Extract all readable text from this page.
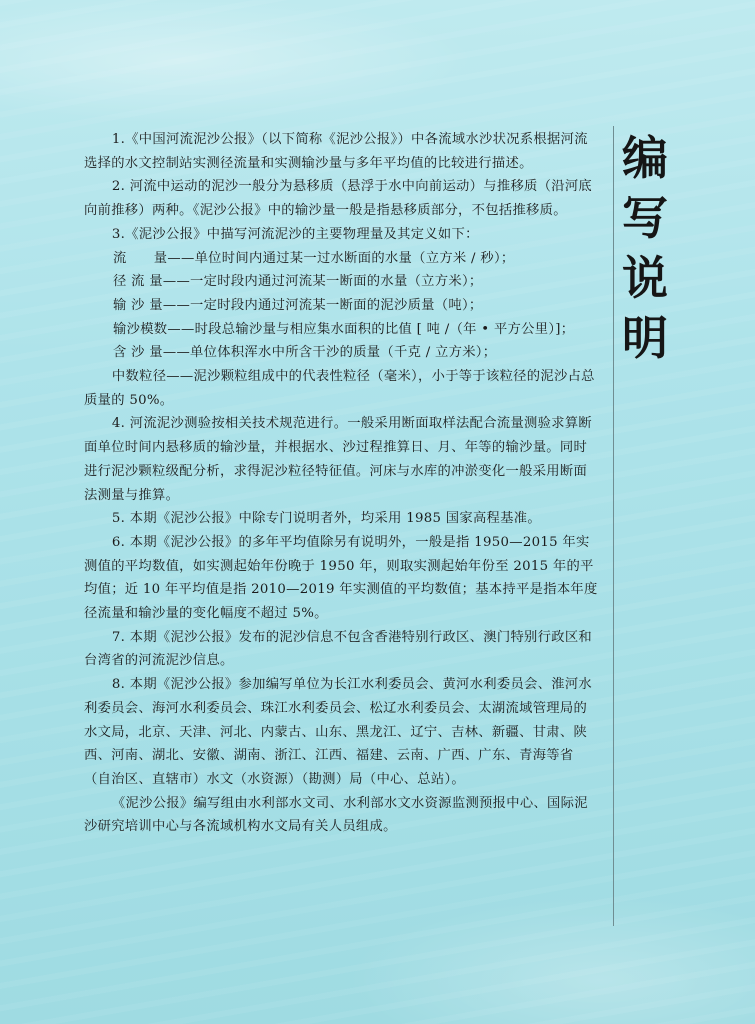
1.《中国河流泥沙公报》（以下简称《泥沙公报》）中各流域水沙状况系根据河流选择的水文控制站实测径流量和实测输沙量与多年平均值的比较进行描述。

2. 河流中运动的泥沙一般分为悬移质（悬浮于水中向前运动）与推移质（沿河底向前推移）两种。《泥沙公报》中的输沙量一般是指悬移质部分，不包括推移质。

3.《泥沙公报》中描写河流泥沙的主要物理量及其定义如下：

流　　量——单位时间内通过某一过水断面的水量（立方米 / 秒）；
径 流 量——一定时段内通过河流某一断面的水量（立方米）；
输 沙 量——一定时段内通过河流某一断面的泥沙质量（吨）；
输沙模数——时段总输沙量与相应集水面积的比值 [ 吨 /（年 • 平方公里）]；
含 沙 量——单位体积浑水中所含干沙的质量（千克 / 立方米）；

中数粒径——泥沙颗粒组成中的代表性粒径（毫米），小于等于该粒径的泥沙占总质量的 50%。

4. 河流泥沙测验按相关技术规范进行。一般采用断面取样法配合流量测验求算断面单位时间内悬移质的输沙量，并根据水、沙过程推算日、月、年等的输沙量。同时进行泥沙颗粒级配分析，求得泥沙粒径特征值。河床与水库的冲淤变化一般采用断面法测量与推算。

5. 本期《泥沙公报》中除专门说明者外，均采用 1985 国家高程基准。

6. 本期《泥沙公报》的多年平均值除另有说明外，一般是指 1950—2015 年实测值的平均数值，如实测起始年份晚于 1950 年，则取实测起始年份至 2015 年的平均值；近 10 年平均值是指 2010—2019 年实测值的平均数值；基本持平是指本年度径流量和输沙量的变化幅度不超过 5%。

7. 本期《泥沙公报》发布的泥沙信息不包含香港特别行政区、澳门特别行政区和台湾省的河流泥沙信息。

8. 本期《泥沙公报》参加编写单位为长江水利委员会、黄河水利委员会、淮河水利委员会、海河水利委员会、珠江水利委员会、松辽水利委员会、太湖流域管理局的水文局，北京、天津、河北、内蒙古、山东、黑龙江、辽宁、吉林、新疆、甘肃、陕西、河南、湖北、安徽、湖南、浙江、江西、福建、云南、广西、广东、青海等省（自治区、直辖市）水文（水资源）（勘测）局（中心、总站）。

《泥沙公报》编写组由水利部水文司、水利部水文水资源监测预报中心、国际泥沙研究培训中心与各流域机构水文局有关人员组成。

编
写
说
明
